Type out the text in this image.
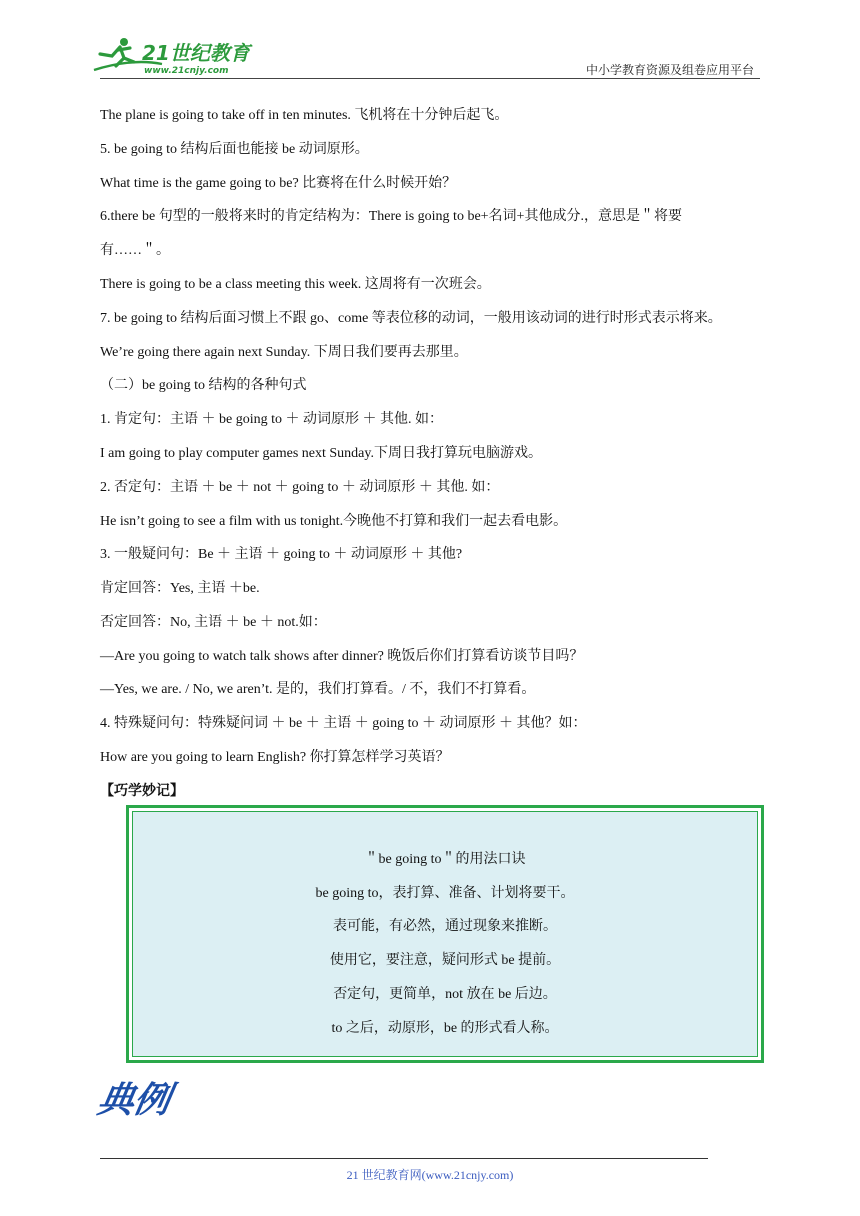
21世纪教育
www.21cnjy.com	中小学教育资源及组卷应用平台
The plane is going to take off in ten minutes. 飞机将在十分钟后起飞。
5. be going to 结构后面也能接 be 动词原形。
What time is the game going to be? 比赛将在什么时候开始？
6.there be 句型的一般将来时的肯定结构为：There is going to be+名词+其他成分.，意思是＂将要
有……＂。
There is going to be a class meeting this week. 这周将有一次班会。
7. be going to 结构后面习惯上不跟 go、come 等表位移的动词，一般用该动词的进行时形式表示将来。
We’re going there again next Sunday. 下周日我们要再去那里。
（二）be going to 结构的各种句式
1. 肯定句：主语 ＋ be going to ＋ 动词原形 ＋ 其他. 如：
I am going to play computer games next Sunday.下周日我打算玩电脑游戏。
2. 否定句：主语 ＋ be ＋ not ＋ going to ＋ 动词原形 ＋ 其他. 如：
He isn’t going to see a film with us tonight.今晚他不打算和我们一起去看电影。
3. 一般疑问句：Be ＋ 主语 ＋ going to ＋ 动词原形 ＋ 其他?
肯定回答：Yes, 主语 ＋be.
否定回答：No, 主语 ＋ be ＋ not.如：
—Are you going to watch talk shows after dinner? 晚饭后你们打算看访谈节目吗？
—Yes, we are. / No, we aren’t. 是的，我们打算看。/ 不，我们不打算看。
4. 特殊疑问句：特殊疑问词 ＋ be ＋ 主语 ＋ going to ＋ 动词原形 ＋ 其他？如：
How are you going to learn English? 你打算怎样学习英语？
【巧学妙记】
＂be going to＂的用法口诀
be going to，表打算、准备、计划将要干。
表可能，有必然，通过现象来推断。
使用它，要注意，疑问形式 be 提前。
否定句，更简单，not 放在 be 后边。
to 之后，动原形，be 的形式看人称。
典例
21 世纪教育网(www.21cnjy.com)
